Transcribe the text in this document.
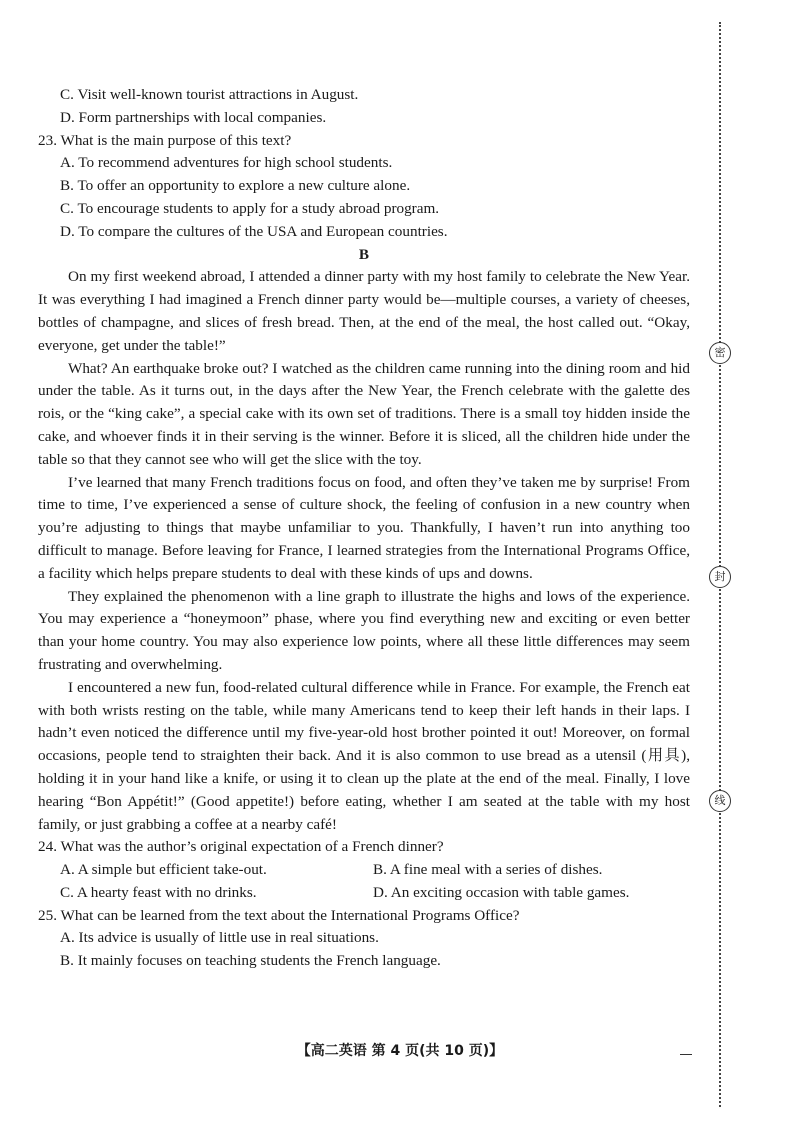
C. Visit well-known tourist attractions in August.
D. Form partnerships with local companies.
23. What is the main purpose of this text?
A. To recommend adventures for high school students.
B. To offer an opportunity to explore a new culture alone.
C. To encourage students to apply for a study abroad program.
D. To compare the cultures of the USA and European countries.
B
On my first weekend abroad, I attended a dinner party with my host family to celebrate the New Year. It was everything I had imagined a French dinner party would be—multiple courses, a variety of cheeses, bottles of champagne, and slices of fresh bread. Then, at the end of the meal, the host called out. “Okay, everyone, get under the table!”
What? An earthquake broke out? I watched as the children came running into the dining room and hid under the table. As it turns out, in the days after the New Year, the French celebrate with the galette des rois, or the “king cake”, a special cake with its own set of traditions. There is a small toy hidden inside the cake, and whoever finds it in their serving is the winner. Before it is sliced, all the children hide under the table so that they cannot see who will get the slice with the toy.
I’ve learned that many French traditions focus on food, and often they’ve taken me by surprise! From time to time, I’ve experienced a sense of culture shock, the feeling of confusion in a new country when you’re adjusting to things that maybe unfamiliar to you. Thankfully, I haven’t run into anything too difficult to manage. Before leaving for France, I learned strategies from the International Programs Office, a facility which helps prepare students to deal with these kinds of ups and downs.
They explained the phenomenon with a line graph to illustrate the highs and lows of the experience. You may experience a “honeymoon” phase, where you find everything new and exciting or even better than your home country. You may also experience low points, where all these little differences may seem frustrating and overwhelming.
I encountered a new fun, food-related cultural difference while in France. For example, the French eat with both wrists resting on the table, while many Americans tend to keep their left hands in their laps. I hadn’t even noticed the difference until my five-year-old host brother pointed it out! Moreover, on formal occasions, people tend to straighten their back. And it is also common to use bread as a utensil (用具), holding it in your hand like a knife, or using it to clean up the plate at the end of the meal. Finally, I love hearing “Bon Appétit!” (Good appetite!) before eating, whether I am seated at the table with my host family, or just grabbing a coffee at a nearby café!
24. What was the author’s original expectation of a French dinner?
A. A simple but efficient take-out.	B. A fine meal with a series of dishes.
C. A hearty feast with no drinks.	D. An exciting occasion with table games.
25. What can be learned from the text about the International Programs Office?
A. Its advice is usually of little use in real situations.
B. It mainly focuses on teaching students the French language.
【高二英语 第 4 页(共 10 页)】
密
封
线
